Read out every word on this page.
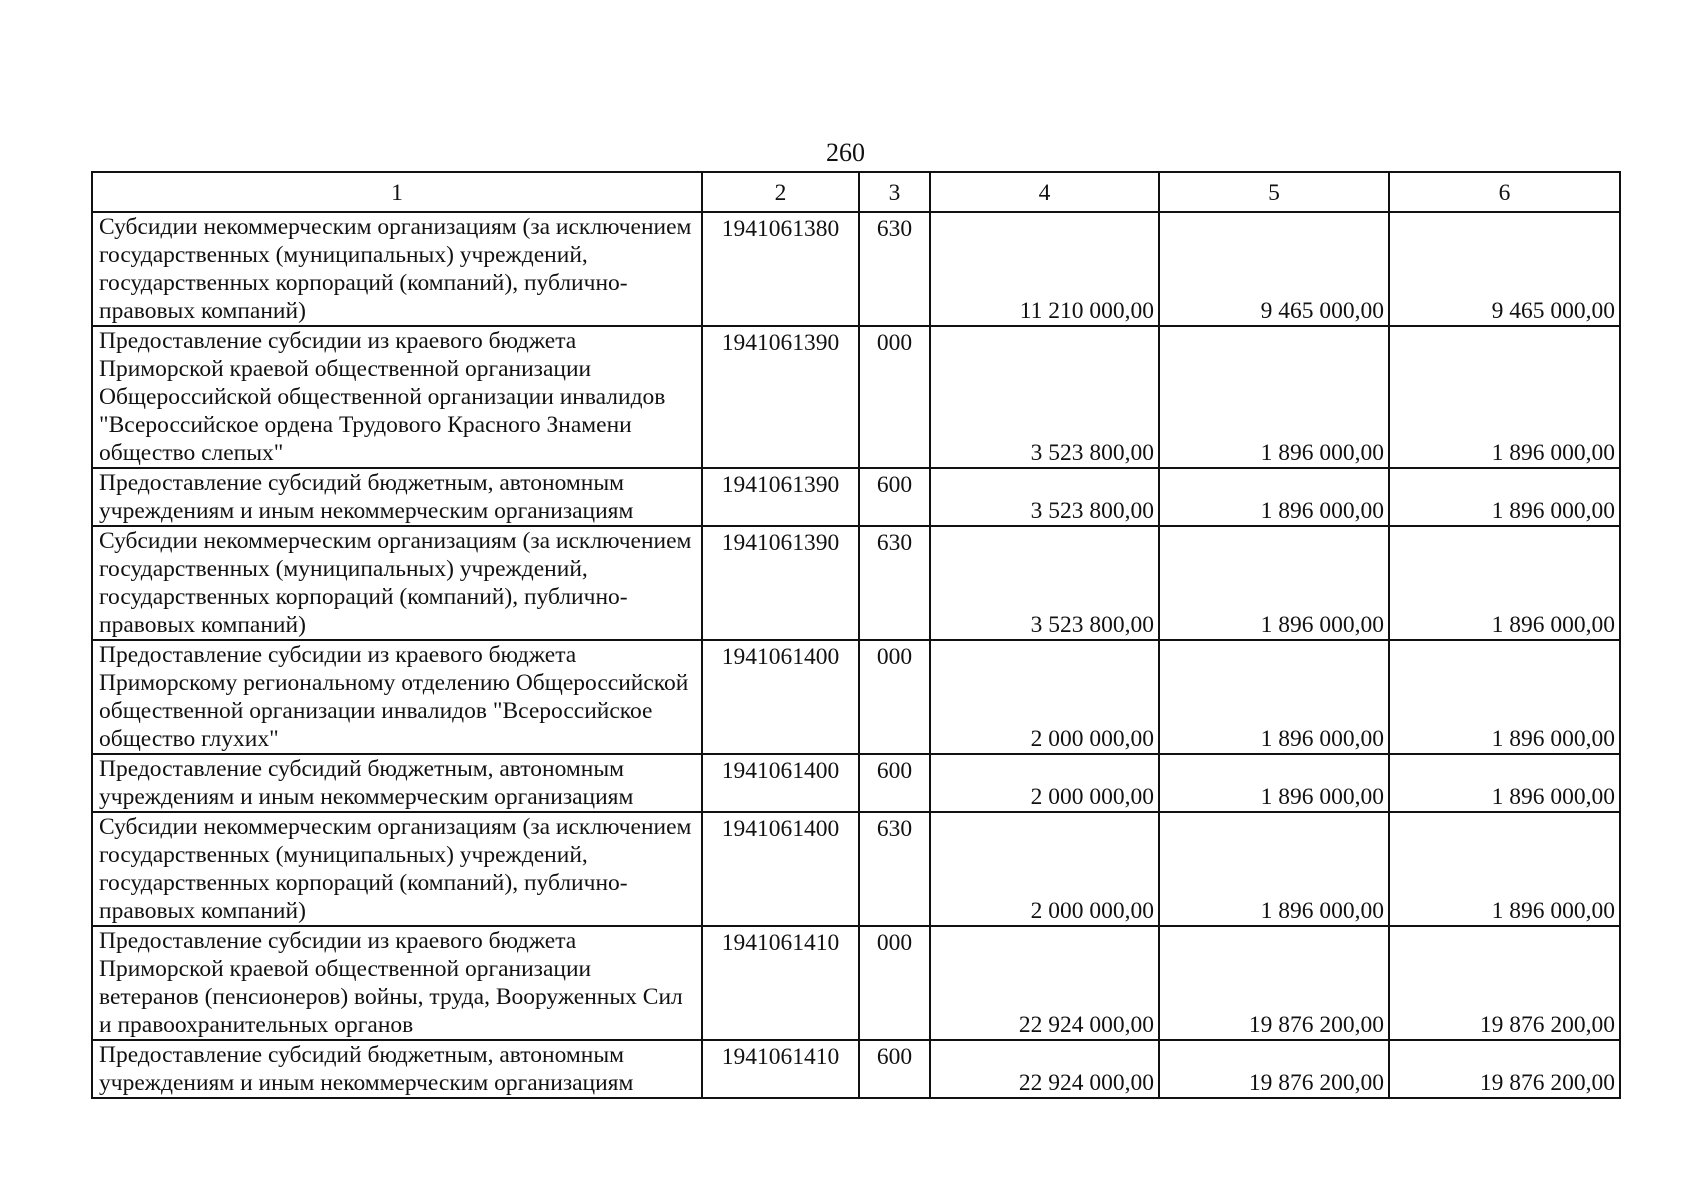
260
1	2	3	4	5	6
Субсидии некоммерческим организациям (за исключением государственных (муниципальных) учреждений, государственных корпораций (компаний), публично-правовых компаний)	1941061380	630	11 210 000,00	9 465 000,00	9 465 000,00
Предоставление субсидии из краевого бюджета Приморской краевой общественной организации Общероссийской общественной организации инвалидов "Всероссийское ордена Трудового Красного Знамени общество слепых"	1941061390	000	3 523 800,00	1 896 000,00	1 896 000,00
Предоставление субсидий бюджетным, автономным учреждениям и иным некоммерческим организациям	1941061390	600	3 523 800,00	1 896 000,00	1 896 000,00
Субсидии некоммерческим организациям (за исключением государственных (муниципальных) учреждений, государственных корпораций (компаний), публично-правовых компаний)	1941061390	630	3 523 800,00	1 896 000,00	1 896 000,00
Предоставление субсидии из краевого бюджета Приморскому региональному отделению Общероссийской общественной организации инвалидов "Всероссийское общество глухих"	1941061400	000	2 000 000,00	1 896 000,00	1 896 000,00
Предоставление субсидий бюджетным, автономным учреждениям и иным некоммерческим организациям	1941061400	600	2 000 000,00	1 896 000,00	1 896 000,00
Субсидии некоммерческим организациям (за исключением государственных (муниципальных) учреждений, государственных корпораций (компаний), публично-правовых компаний)	1941061400	630	2 000 000,00	1 896 000,00	1 896 000,00
Предоставление субсидии из краевого бюджета Приморской краевой общественной организации ветеранов (пенсионеров) войны, труда, Вооруженных Сил и правоохранительных органов	1941061410	000	22 924 000,00	19 876 200,00	19 876 200,00
Предоставление субсидий бюджетным, автономным учреждениям и иным некоммерческим организациям	1941061410	600	22 924 000,00	19 876 200,00	19 876 200,00
